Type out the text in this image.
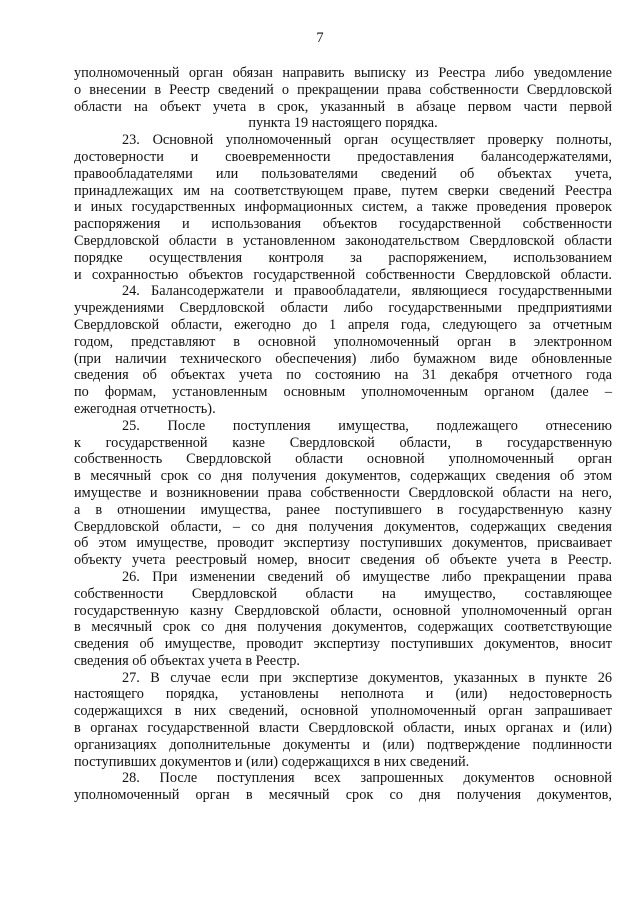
7
уполномоченный орган обязан направить выписку из Реестра либо уведомление
о внесении в Реестр сведений о прекращении права собственности Свердловской
области на объект учета в срок, указанный в абзаце первом части первой
пункта 19 настоящего порядка.
23. Основной уполномоченный орган осуществляет проверку полноты,
достоверности и своевременности предоставления балансодержателями,
правообладателями или пользователями сведений об объектах учета,
принадлежащих им на соответствующем праве, путем сверки сведений Реестра
и иных государственных информационных систем, а также проведения проверок
распоряжения и использования объектов государственной собственности
Свердловской области в установленном законодательством Свердловской области
порядке осуществления контроля за распоряжением, использованием
и сохранностью объектов государственной собственности Свердловской области.
24. Балансодержатели и правообладатели, являющиеся государственными
учреждениями Свердловской области либо государственными предприятиями
Свердловской области, ежегодно до 1 апреля года, следующего за отчетным
годом, представляют в основной уполномоченный орган в электронном
(при наличии технического обеспечения) либо бумажном виде обновленные
сведения об объектах учета по состоянию на 31 декабря отчетного года
по формам, установленным основным уполномоченным органом (далее –
ежегодная отчетность).
25. После поступления имущества, подлежащего отнесению
к государственной казне Свердловской области, в государственную
собственность Свердловской области основной уполномоченный орган
в месячный срок со дня получения документов, содержащих сведения об этом
имуществе и возникновении права собственности Свердловской области на него,
а в отношении имущества, ранее поступившего в государственную казну
Свердловской области, – со дня получения документов, содержащих сведения
об этом имуществе, проводит экспертизу поступивших документов, присваивает
объекту учета реестровый номер, вносит сведения об объекте учета в Реестр.
26. При изменении сведений об имуществе либо прекращении права
собственности Свердловской области на имущество, составляющее
государственную казну Свердловской области, основной уполномоченный орган
в месячный срок со дня получения документов, содержащих соответствующие
сведения об имуществе, проводит экспертизу поступивших документов, вносит
сведения об объектах учета в Реестр.
27. В случае если при экспертизе документов, указанных в пункте 26
настоящего порядка, установлены неполнота и (или) недостоверность
содержащихся в них сведений, основной уполномоченный орган запрашивает
в органах государственной власти Свердловской области, иных органах и (или)
организациях дополнительные документы и (или) подтверждение подлинности
поступивших документов и (или) содержащихся в них сведений.
28. После поступления всех запрошенных документов основной
уполномоченный орган в месячный срок со дня получения документов,
